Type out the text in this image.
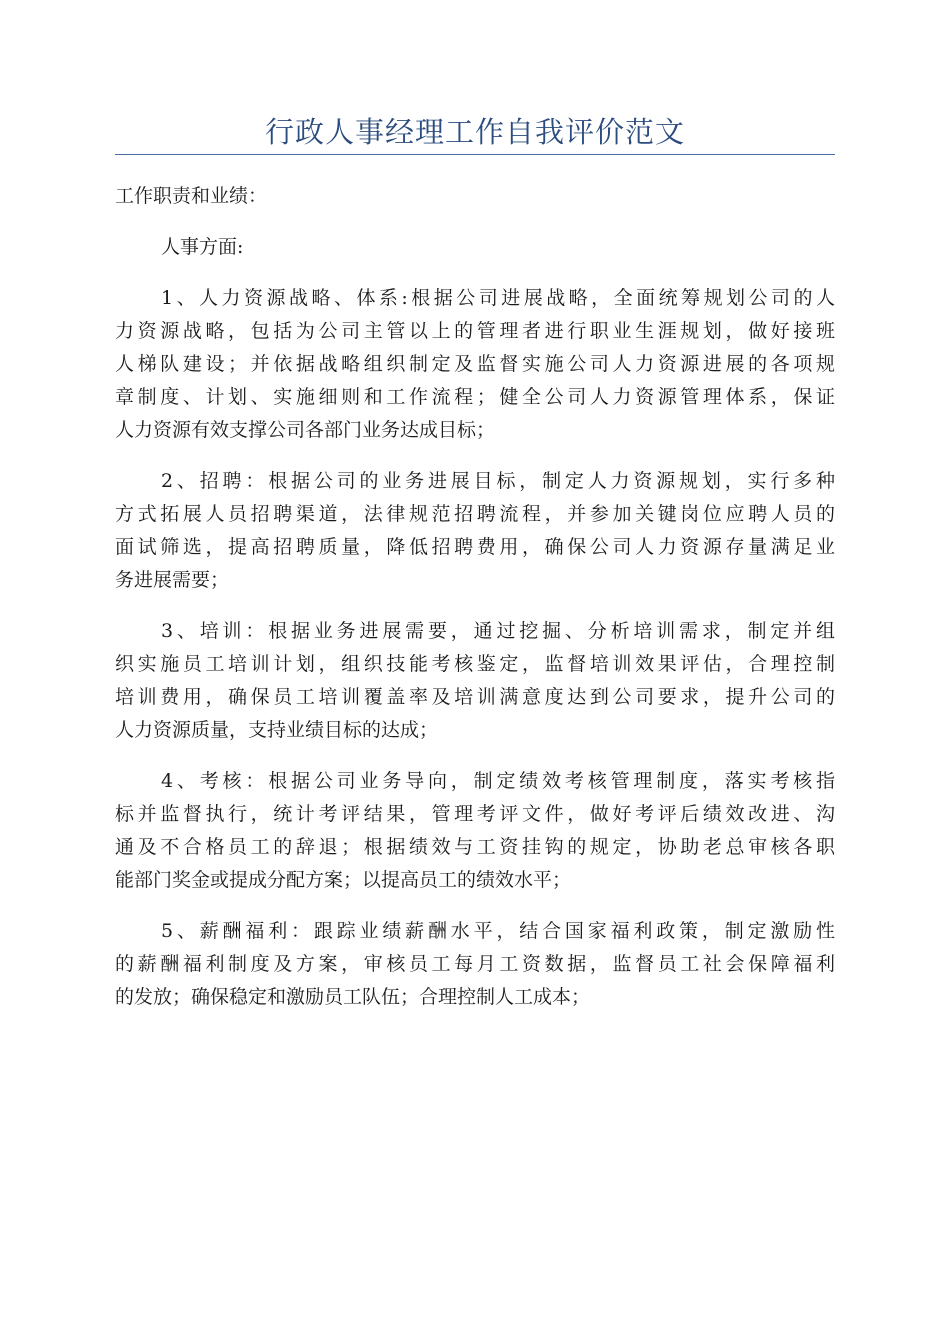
行政人事经理工作自我评价范文

工作职责和业绩：

人事方面:

1、人力资源战略、体系:根据公司进展战略，全面统筹规划公司的人

力资源战略，包括为公司主管以上的管理者进行职业生涯规划，做好接班

人梯队建设；并依据战略组织制定及监督实施公司人力资源进展的各项规

章制度、计划、实施细则和工作流程；健全公司人力资源管理体系，保证

人力资源有效支撑公司各部门业务达成目标；

2、招聘：根据公司的业务进展目标，制定人力资源规划，实行多种

方式拓展人员招聘渠道，法律规范招聘流程，并参加关键岗位应聘人员的

面试筛选，提高招聘质量，降低招聘费用，确保公司人力资源存量满足业

务进展需要；

3、培训：根据业务进展需要，通过挖掘、分析培训需求，制定并组

织实施员工培训计划，组织技能考核鉴定，监督培训效果评估，合理控制

培训费用，确保员工培训覆盖率及培训满意度达到公司要求，提升公司的

人力资源质量，支持业绩目标的达成；

4、考核：根据公司业务导向，制定绩效考核管理制度，落实考核指

标并监督执行，统计考评结果，管理考评文件，做好考评后绩效改进、沟

通及不合格员工的辞退；根据绩效与工资挂钩的规定，协助老总审核各职

能部门奖金或提成分配方案；以提高员工的绩效水平；

5、薪酬福利：跟踪业绩薪酬水平，结合国家福利政策，制定激励性

的薪酬福利制度及方案，审核员工每月工资数据，监督员工社会保障福利

的发放；确保稳定和激励员工队伍；合理控制人工成本；
